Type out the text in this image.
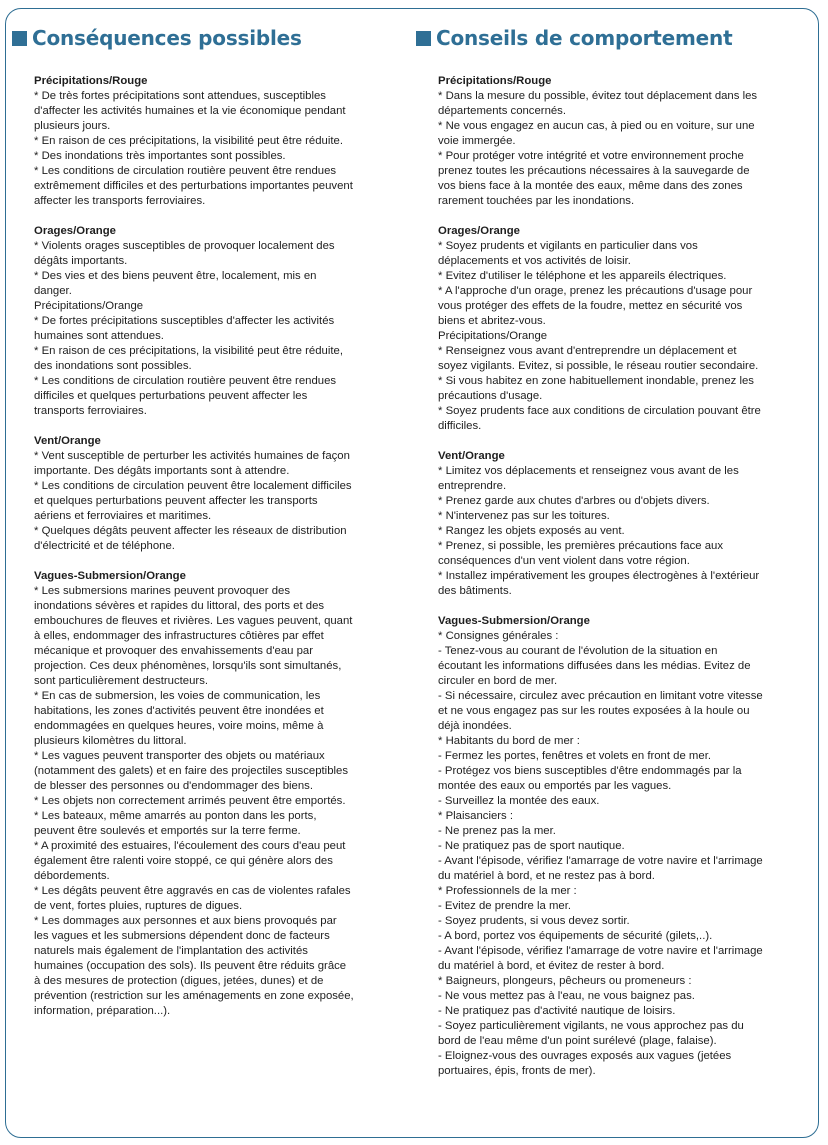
Conséquences possibles
Précipitations/Rouge
* De très fortes précipitations sont attendues, susceptibles
d'affecter les activités humaines et la vie économique pendant
plusieurs jours.
* En raison de ces précipitations, la visibilité peut être réduite.
* Des inondations très importantes sont possibles.
* Les conditions de circulation routière peuvent être rendues
extrêmement difficiles et des perturbations importantes peuvent
affecter les transports ferroviaires.
Orages/Orange
* Violents orages susceptibles de provoquer localement des
dégâts importants.
* Des vies et des biens peuvent être, localement, mis en
danger.
Précipitations/Orange
* De fortes précipitations susceptibles d'affecter les activités
humaines sont attendues.
* En raison de ces précipitations, la visibilité peut être réduite,
des inondations sont possibles.
* Les conditions de circulation routière peuvent être rendues
difficiles et quelques perturbations peuvent affecter les
transports ferroviaires.
Vent/Orange
* Vent susceptible de perturber les activités humaines de façon
importante. Des dégâts importants sont à attendre.
* Les conditions de circulation peuvent être localement difficiles
et quelques perturbations peuvent affecter les transports
aériens et ferroviaires et maritimes.
* Quelques dégâts peuvent affecter les réseaux de distribution
d'électricité et de téléphone.
Vagues-Submersion/Orange
* Les submersions marines peuvent provoquer des
inondations sévères et rapides du littoral, des ports et des
embouchures de fleuves et rivières. Les vagues peuvent, quant
à elles, endommager des infrastructures côtières par effet
mécanique et provoquer des envahissements d'eau par
projection. Ces deux phénomènes, lorsqu'ils sont simultanés,
sont particulièrement destructeurs.
* En cas de submersion, les voies de communication, les
habitations, les zones d'activités peuvent être inondées et
endommagées en quelques heures, voire moins, même à
plusieurs kilomètres du littoral.
* Les vagues peuvent transporter des objets ou matériaux
(notamment des galets) et en faire des projectiles susceptibles
de blesser des personnes ou d'endommager des biens.
* Les objets non correctement arrimés peuvent être emportés.
* Les bateaux, même amarrés au ponton dans les ports,
peuvent être soulevés et emportés sur la terre ferme.
* A proximité des estuaires, l'écoulement des cours d'eau peut
également être ralenti voire stoppé, ce qui génère alors des
débordements.
* Les dégâts peuvent être aggravés en cas de violentes rafales
de vent, fortes pluies, ruptures de digues.
* Les dommages aux personnes et aux biens provoqués par
les vagues et les submersions dépendent donc de facteurs
naturels mais également de l'implantation des activités
humaines (occupation des sols). Ils peuvent être réduits grâce
à des mesures de protection (digues, jetées, dunes) et de
prévention (restriction sur les aménagements en zone exposée,
information, préparation...).
Conseils de comportement
Précipitations/Rouge
* Dans la mesure du possible, évitez tout déplacement dans les
départements concernés.
* Ne vous engagez en aucun cas, à pied ou en voiture, sur une
voie immergée.
* Pour protéger votre intégrité et votre environnement proche
prenez toutes les précautions nécessaires à la sauvegarde de
vos biens face à la montée des eaux, même dans des zones
rarement touchées par les inondations.
Orages/Orange
* Soyez prudents et vigilants en particulier dans vos
déplacements et vos activités de loisir.
* Evitez d'utiliser le téléphone et les appareils électriques.
* A l'approche d'un orage, prenez les précautions d'usage pour
vous protéger des effets de la foudre, mettez en sécurité vos
biens et abritez-vous.
Précipitations/Orange
* Renseignez vous avant d'entreprendre un déplacement et
soyez vigilants. Evitez, si possible, le réseau routier secondaire.
* Si vous habitez en zone habituellement inondable, prenez les
précautions d'usage.
* Soyez prudents face aux conditions de circulation pouvant être
difficiles.
Vent/Orange
* Limitez vos déplacements et renseignez vous avant de les
entreprendre.
* Prenez garde aux chutes d'arbres ou d'objets divers.
* N'intervenez pas sur les toitures.
* Rangez les objets exposés au vent.
* Prenez, si possible, les premières précautions face aux
conséquences d'un vent violent dans votre région.
* Installez impérativement les groupes électrogènes à l'extérieur
des bâtiments.
Vagues-Submersion/Orange
* Consignes générales :
- Tenez-vous au courant de l'évolution de la situation en
écoutant les informations diffusées dans les médias. Evitez de
circuler en bord de mer.
- Si nécessaire, circulez avec précaution en limitant votre vitesse
et ne vous engagez pas sur les routes exposées à la houle ou
déjà inondées.
* Habitants du bord de mer :
- Fermez les portes, fenêtres et volets en front de mer.
- Protégez vos biens susceptibles d'être endommagés par la
montée des eaux ou emportés par les vagues.
- Surveillez la montée des eaux.
* Plaisanciers :
- Ne prenez pas la mer.
- Ne pratiquez pas de sport nautique.
- Avant l'épisode, vérifiez l'amarrage de votre navire et l'arrimage
du matériel à bord, et ne restez pas à bord.
* Professionnels de la mer :
- Evitez de prendre la mer.
- Soyez prudents, si vous devez sortir.
- A bord, portez vos équipements de sécurité (gilets,..).
- Avant l'épisode, vérifiez l'amarrage de votre navire et l'arrimage
du matériel à bord, et évitez de rester à bord.
* Baigneurs, plongeurs, pêcheurs ou promeneurs :
- Ne vous mettez pas à l'eau, ne vous baignez pas.
- Ne pratiquez pas d'activité nautique de loisirs.
- Soyez particulièrement vigilants, ne vous approchez pas du
bord de l'eau même d'un point surélevé (plage, falaise).
- Eloignez-vous des ouvrages exposés aux vagues (jetées
portuaires, épis, fronts de mer).
